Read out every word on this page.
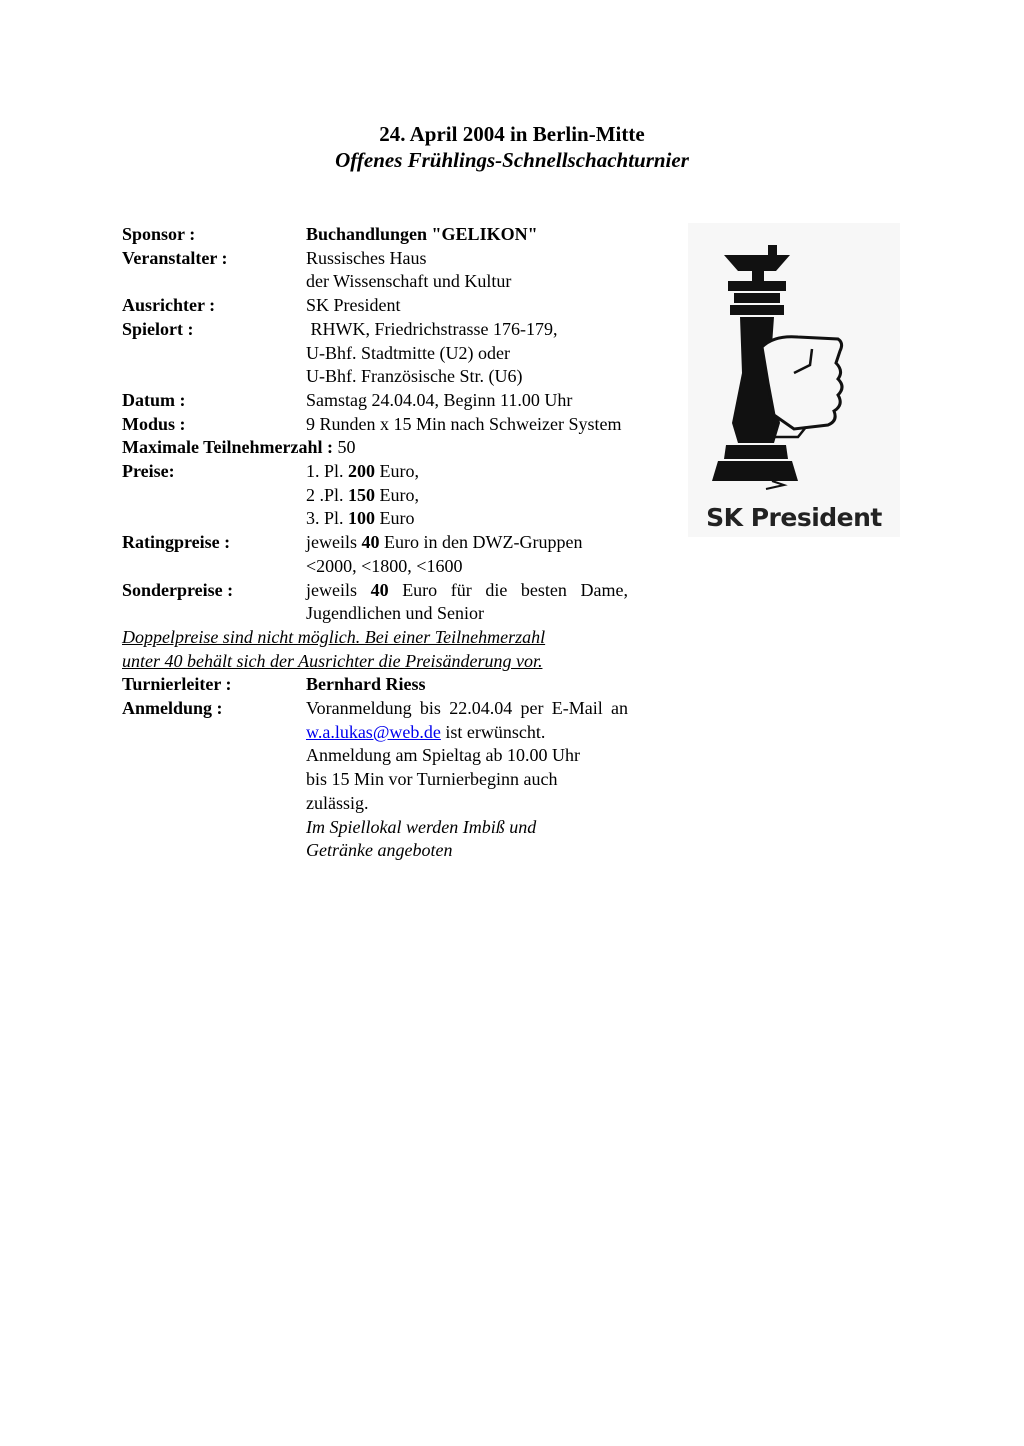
24. April 2004 in Berlin-Mitte

Offenes Frühlings-Schnellschachturnier

Sponsor :	Buchandlungen "GELIKON"
Veranstalter :	Russisches Haus
der Wissenschaft und Kultur
Ausrichter :	SK President
Spielort :	RHWK, Friedrichstrasse 176-179,
U-Bhf. Stadtmitte (U2) oder
U-Bhf. Französische Str. (U6)
Datum :	Samstag 24.04.04, Beginn 11.00 Uhr
Modus :	9 Runden x 15 Min nach Schweizer System
Maximale Teilnehmerzahl : 50
Preise:	1. Pl. 200 Euro,
2 .Pl. 150 Euro,
3. Pl. 100 Euro
Ratingpreise :	jeweils 40 Euro in den DWZ-Gruppen
<2000, <1800, <1600
Sonderpreise :	jeweils 40 Euro für die besten Dame, Jugendlichen und Senior
Doppelpreise sind nicht möglich. Bei einer Teilnehmerzahl
unter 40 behält sich der Ausrichter die Preisänderung vor.
Turnierleiter :	Bernhard Riess
Anmeldung :	Voranmeldung bis 22.04.04 per E-Mail an w.a.lukas@web.de ist erwünscht.
Anmeldung am Spieltag ab 10.00 Uhr
bis 15 Min vor Turnierbeginn auch
zulässig.
Im Spiellokal werden Imbiß und
Getränke angeboten
SK President
